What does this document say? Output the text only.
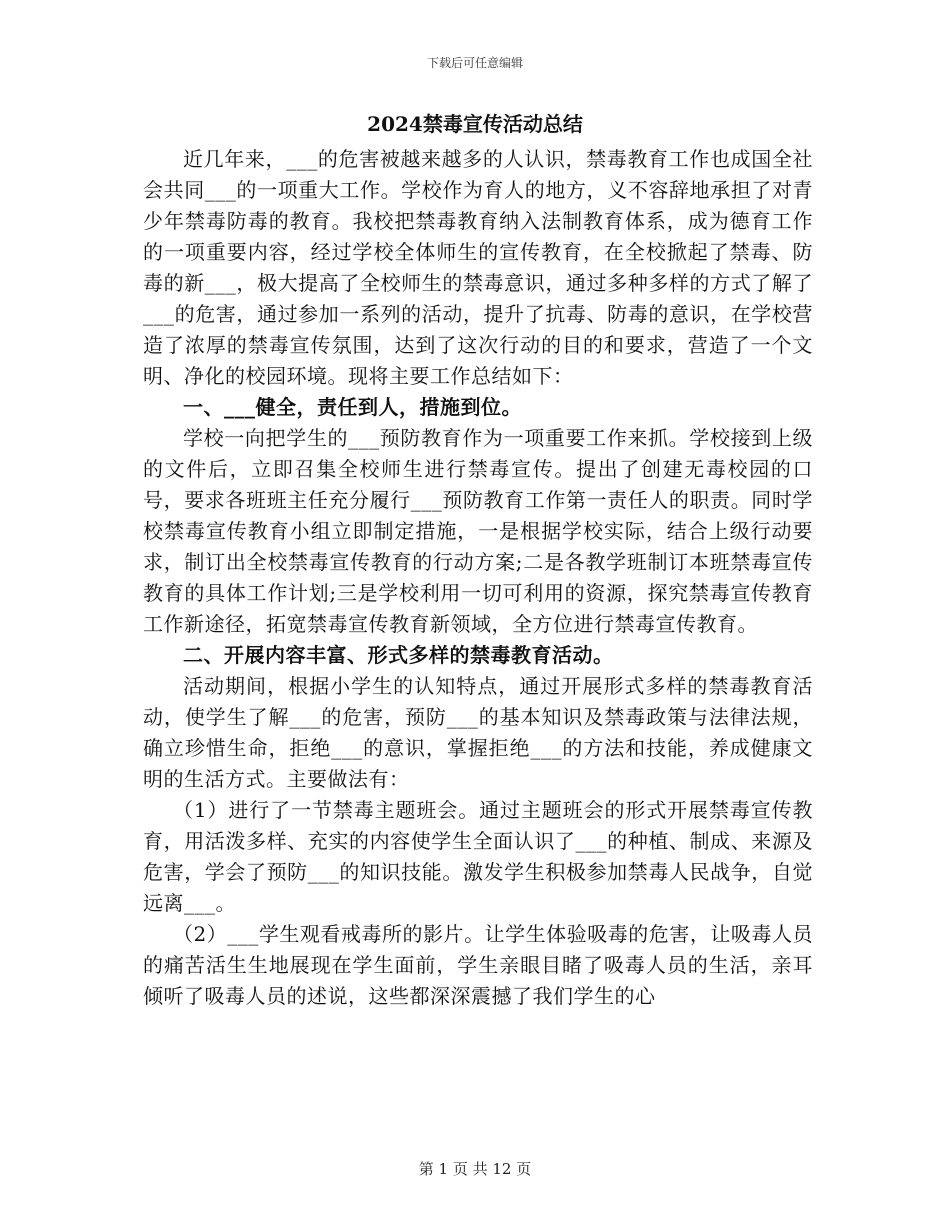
下载后可任意编辑
2024禁毒宣传活动总结

近几年来，___的危害被越来越多的人认识，禁毒教育工作也成国全社会共同___的一项重大工作。学校作为育人的地方，义不容辞地承担了对青少年禁毒防毒的教育。我校把禁毒教育纳入法制教育体系，成为德育工作的一项重要内容，经过学校全体师生的宣传教育，在全校掀起了禁毒、防毒的新___，极大提高了全校师生的禁毒意识，通过多种多样的方式了解了___的危害，通过参加一系列的活动，提升了抗毒、防毒的意识，在学校营造了浓厚的禁毒宣传氛围，达到了这次行动的目的和要求，营造了一个文明、净化的校园环境。现将主要工作总结如下：

一、___健全，责任到人，措施到位。

学校一向把学生的___预防教育作为一项重要工作来抓。学校接到上级的文件后，立即召集全校师生进行禁毒宣传。提出了创建无毒校园的口号，要求各班班主任充分履行___预防教育工作第一责任人的职责。同时学校禁毒宣传教育小组立即制定措施，一是根据学校实际，结合上级行动要求，制订出全校禁毒宣传教育的行动方案;二是各教学班制订本班禁毒宣传教育的具体工作计划;三是学校利用一切可利用的资源，探究禁毒宣传教育工作新途径，拓宽禁毒宣传教育新领域，全方位进行禁毒宣传教育。

二、开展内容丰富、形式多样的禁毒教育活动。

活动期间，根据小学生的认知特点，通过开展形式多样的禁毒教育活动，使学生了解___的危害，预防___的基本知识及禁毒政策与法律法规，确立珍惜生命，拒绝___的意识，掌握拒绝___的方法和技能，养成健康文明的生活方式。主要做法有：

（1）进行了一节禁毒主题班会。通过主题班会的形式开展禁毒宣传教育，用活泼多样、充实的内容使学生全面认识了___的种植、制成、来源及危害，学会了预防___的知识技能。激发学生积极参加禁毒人民战争，自觉远离___。

（2）___学生观看戒毒所的影片。让学生体验吸毒的危害，让吸毒人员的痛苦活生生地展现在学生面前，学生亲眼目睹了吸毒人员的生活，亲耳倾听了吸毒人员的述说，这些都深深震撼了我们学生的心

第 1 页 共 12 页
